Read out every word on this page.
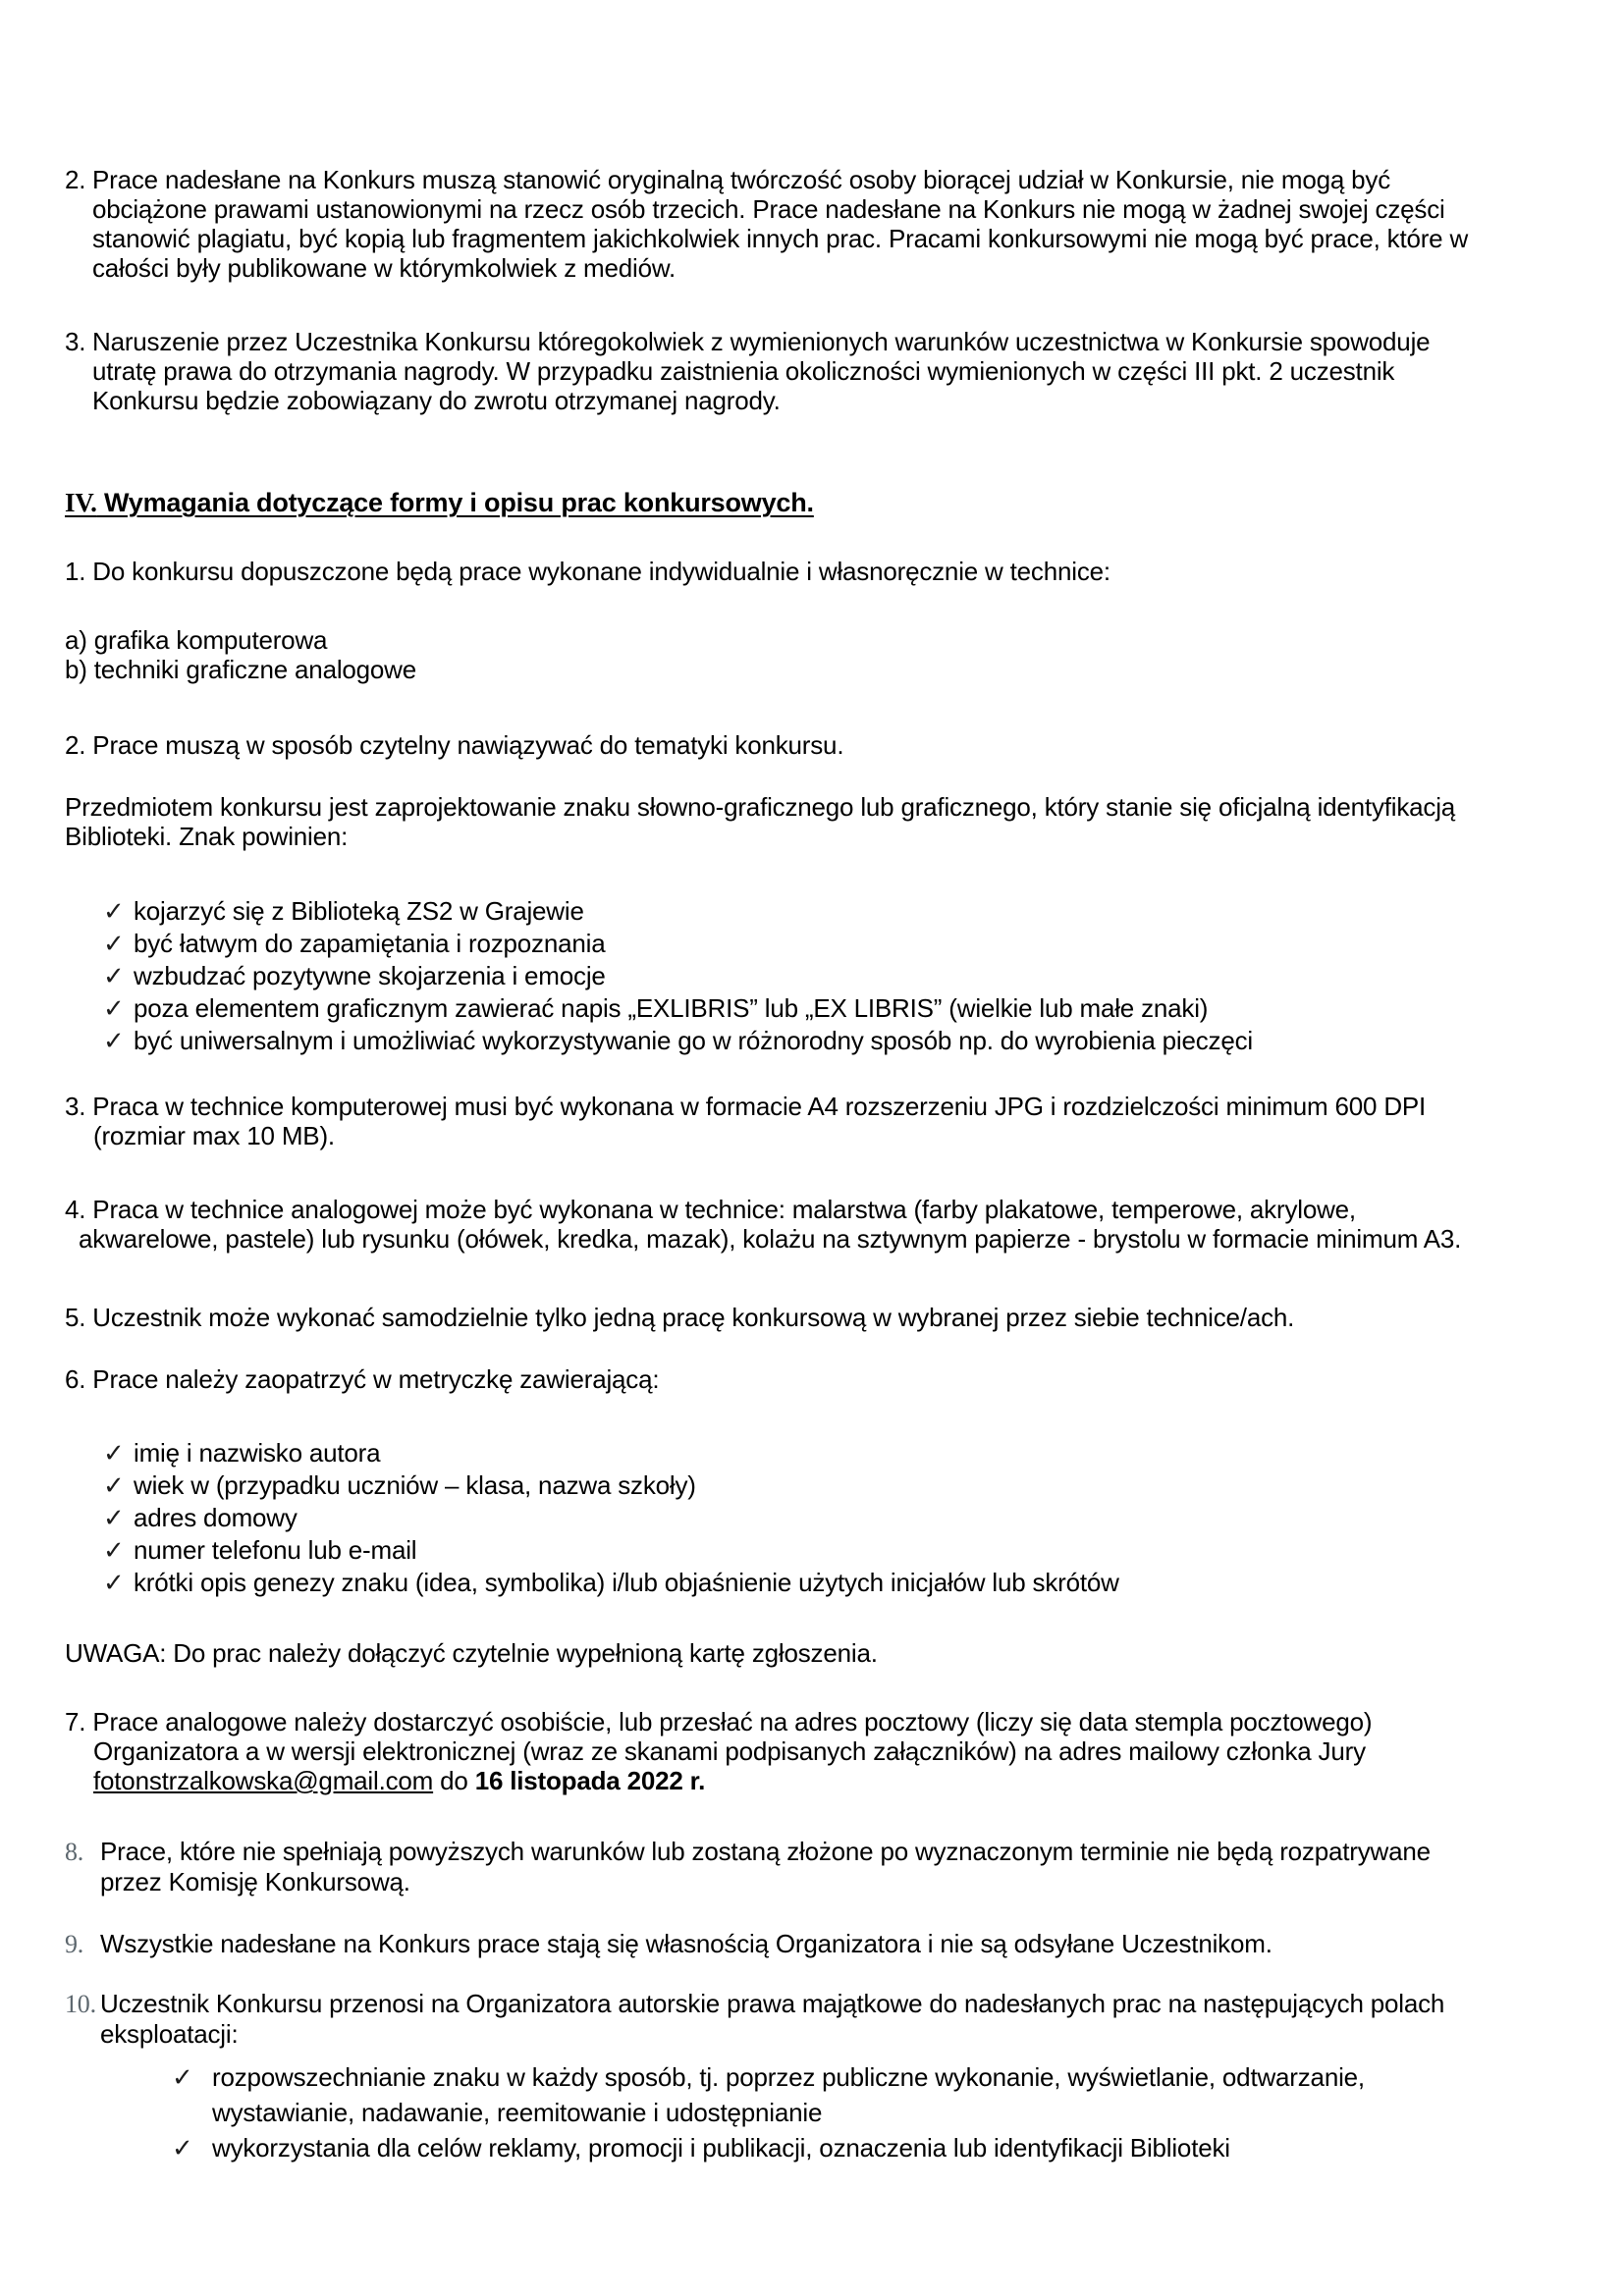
2. Prace nadesłane na Konkurs muszą stanowić oryginalną twórczość osoby biorącej udział w Konkursie, nie mogą być obciążone prawami ustanowionymi na rzecz osób trzecich. Prace nadesłane na Konkurs nie mogą w żadnej swojej części stanowić plagiatu, być kopią lub fragmentem jakichkolwiek innych prac. Pracami konkursowymi nie mogą być prace, które w całości były publikowane w którymkolwiek z mediów.
3. Naruszenie przez Uczestnika Konkursu któregokolwiek z wymienionych warunków uczestnictwa w Konkursie spowoduje utratę prawa do otrzymania nagrody. W przypadku zaistnienia okoliczności wymienionych w części III pkt. 2 uczestnik Konkursu będzie zobowiązany do zwrotu otrzymanej nagrody.
IV. Wymagania dotyczące formy i opisu prac konkursowych.

1. Do konkursu dopuszczone będą prace wykonane indywidualnie i własnoręcznie w technice:

a) grafika komputerowa

b) techniki graficzne analogowe

2. Prace muszą w sposób czytelny nawiązywać do tematyki konkursu.

Przedmiotem konkursu jest zaprojektowanie znaku słowno-graficznego lub graficznego, który stanie się oficjalną identyfikacją Biblioteki. Znak powinien:

✓ kojarzyć się z Biblioteką ZS2 w Grajewie
✓ być łatwym do zapamiętania i rozpoznania
✓ wzbudzać pozytywne skojarzenia i emocje
✓ poza elementem graficznym zawierać napis „EXLIBRIS” lub „EX LIBRIS” (wielkie lub małe znaki)
✓ być uniwersalnym i umożliwiać wykorzystywanie go w różnorodny sposób np. do wyrobienia pieczęci

3. Praca w technice komputerowej musi być wykonana w formacie A4 rozszerzeniu JPG i rozdzielczości minimum 600 DPI (rozmiar max 10 MB).

4. Praca w technice analogowej może być wykonana w technice: malarstwa (farby plakatowe, temperowe, akrylowe, akwarelowe, pastele) lub rysunku (ołówek, kredka, mazak), kolażu na sztywnym papierze - brystolu w formacie minimum A3.

5. Uczestnik może wykonać samodzielnie tylko jedną pracę konkursową w wybranej przez siebie technice/ach.

6. Prace należy zaopatrzyć w metryczkę zawierającą:

✓ imię i nazwisko autora
✓ wiek w (przypadku uczniów – klasa, nazwa szkoły)
✓ adres domowy
✓ numer telefonu lub e-mail
✓ krótki opis genezy znaku (idea, symbolika) i/lub objaśnienie użytych inicjałów lub skrótów

UWAGA: Do prac należy dołączyć czytelnie wypełnioną kartę zgłoszenia.

7. Prace analogowe należy dostarczyć osobiście, lub przesłać na adres pocztowy (liczy się data stempla pocztowego) Organizatora a w wersji elektronicznej (wraz ze skanami podpisanych załączników) na adres mailowy członka Jury fotonstrzalkowska@gmail.com do 16 listopada 2022 r.

8. Prace, które nie spełniają powyższych warunków lub zostaną złożone po wyznaczonym terminie nie będą rozpatrywane przez Komisję Konkursową.
9. Wszystkie nadesłane na Konkurs prace stają się własnością Organizatora i nie są odsyłane Uczestnikom.
10. Uczestnik Konkursu przenosi na Organizatora autorskie prawa majątkowe do nadesłanych prac na następujących polach eksploatacji:
✓ rozpowszechnianie znaku w każdy sposób, tj. poprzez publiczne wykonanie, wyświetlanie, odtwarzanie, wystawianie, nadawanie, reemitowanie i udostępnianie
✓ wykorzystania dla celów reklamy, promocji i publikacji, oznaczenia lub identyfikacji Biblioteki
